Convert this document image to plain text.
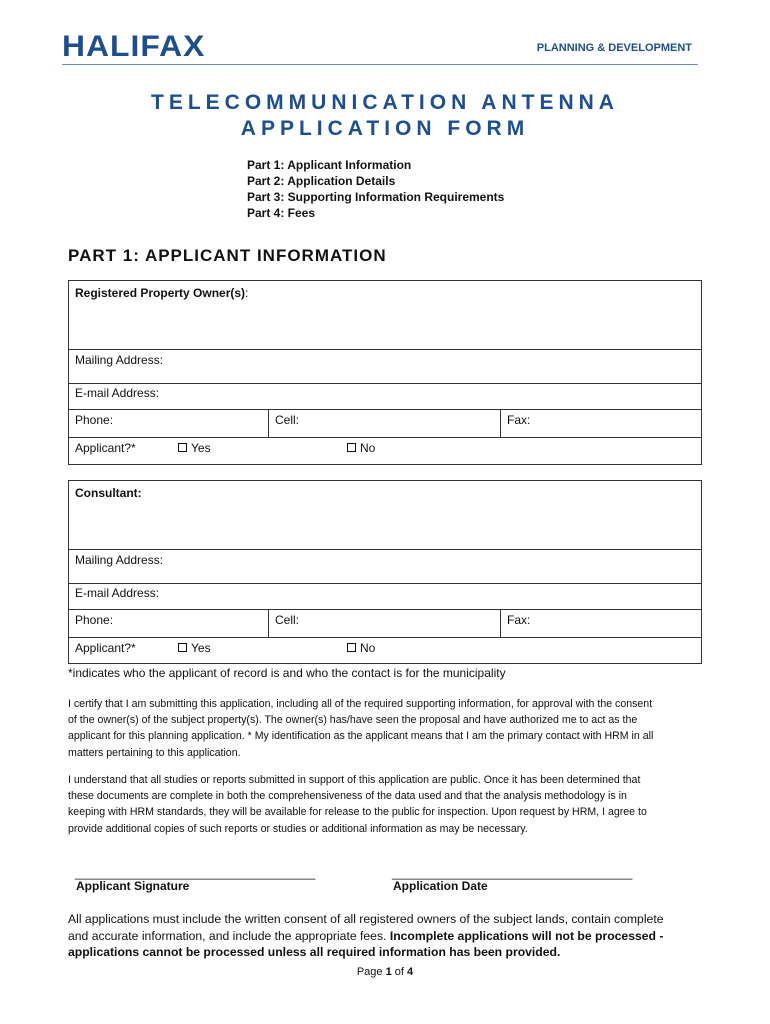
HALIFAX	PLANNING & DEVELOPMENT
TELECOMMUNICATION ANTENNA
APPLICATION FORM
Part 1: Applicant Information
Part 2: Application Details
Part 3: Supporting Information Requirements
Part 4: Fees
PART 1: APPLICANT INFORMATION
Registered Property Owner(s):
Mailing Address:
E-mail Address:
Phone:	Cell:	Fax:
Applicant?*	Yes	No
Consultant:
Mailing Address:
E-mail Address:
Phone:	Cell:	Fax:
Applicant?*	Yes	No
*indicates who the applicant of record is and who the contact is for the municipality
I certify that I am submitting this application, including all of the required supporting information, for approval with the consent
of the owner(s) of the subject property(s). The owner(s) has/have seen the proposal and have authorized me to act as the
applicant for this planning application. * My identification as the applicant means that I am the primary contact with HRM in all
matters pertaining to this application.
I understand that all studies or reports submitted in support of this application are public. Once it has been determined that
these documents are complete in both the comprehensiveness of the data used and that the analysis methodology is in
keeping with HRM standards, they will be available for release to the public for inspection. Upon request by HRM, I agree to
provide additional copies of such reports or studies or additional information as may be necessary.
____________________________________
Applicant Signature
____________________________________
Application Date
All applications must include the written consent of all registered owners of the subject lands, contain complete
and accurate information, and include the appropriate fees. Incomplete applications will not be processed -
applications cannot be processed unless all required information has been provided.
Page 1 of 4
